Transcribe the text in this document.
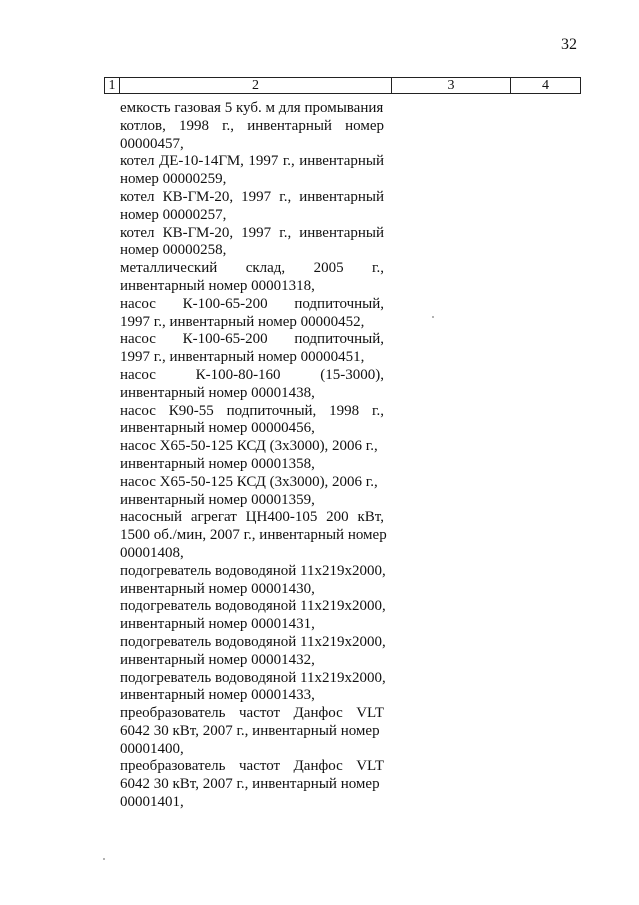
32
1	2	3	4
емкость газовая 5 куб. м для промывания
котлов, 1998 г., инвентарный номер
00000457,
котел ДЕ-10-14ГМ, 1997 г., инвентарный
номер 00000259,
котел КВ-ГМ-20, 1997 г., инвентарный
номер 00000257,
котел КВ-ГМ-20, 1997 г., инвентарный
номер 00000258,
металлический склад, 2005 г.,
инвентарный номер 00001318,
насос К-100-65-200 подпиточный,
1997 г., инвентарный номер 00000452,
насос К-100-65-200 подпиточный,
1997 г., инвентарный номер 00000451,
насос К-100-80-160 (15-3000),
инвентарный номер 00001438,
насос К90-55 подпиточный, 1998 г.,
инвентарный номер 00000456,
насос Х65-50-125 КСД (3х3000), 2006 г.,
инвентарный номер 00001358,
насос Х65-50-125 КСД (3х3000), 2006 г.,
инвентарный номер 00001359,
насосный агрегат ЦН400-105 200 кВт,
1500 об./мин, 2007 г., инвентарный номер
00001408,
подогреватель водоводяной 11х219х2000,
инвентарный номер 00001430,
подогреватель водоводяной 11х219х2000,
инвентарный номер 00001431,
подогреватель водоводяной 11х219х2000,
инвентарный номер 00001432,
подогреватель водоводяной 11х219х2000,
инвентарный номер 00001433,
преобразователь частот Данфос VLT
6042 30 кВт, 2007 г., инвентарный номер
00001400,
преобразователь частот Данфос VLT
6042 30 кВт, 2007 г., инвентарный номер
00001401,
